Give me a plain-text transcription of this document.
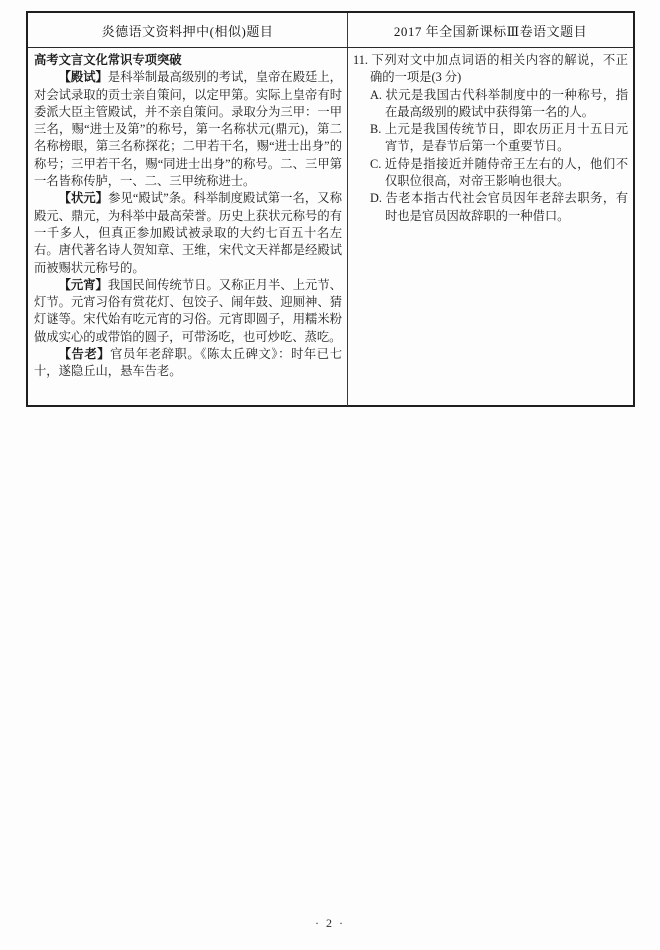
炎德语文资料押中(相似)题目	2017 年全国新课标Ⅲ卷语文题目

高考文言文化常识专项突破

【殿试】是科举制最高级别的考试，皇帝在殿廷上，对会试录取的贡士亲自策问，以定甲第。实际上皇帝有时委派大臣主管殿试，并不亲自策问。录取分为三甲：一甲三名，赐“进士及第”的称号，第一名称状元(鼎元)，第二名称榜眼，第三名称探花；二甲若干名，赐“进士出身”的称号；三甲若干名，赐“同进士出身”的称号。二、三甲第一名皆称传胪，一、二、三甲统称进士。

【状元】参见“殿试”条。科举制度殿试第一名，又称殿元、鼎元，为科举中最高荣誉。历史上获状元称号的有一千多人，但真正参加殿试被录取的大约七百五十名左右。唐代著名诗人贺知章、王维，宋代文天祥都是经殿试而被赐状元称号的。

【元宵】我国民间传统节日。又称正月半、上元节、灯节。元宵习俗有赏花灯、包饺子、闹年鼓、迎厕神、猜灯谜等。宋代始有吃元宵的习俗。元宵即圆子，用糯米粉做成实心的或带馅的圆子，可带汤吃，也可炒吃、蒸吃。

【告老】官员年老辞职。《陈太丘碑文》：时年已七十，遂隐丘山，悬车告老。

11. 下列对文中加点词语的相关内容的解说，不正确的一项是(3 分)

A. 状元是我国古代科举制度中的一种称号，指在最高级别的殿试中获得第一名的人。

B. 上元是我国传统节日，即农历正月十五日元宵节，是春节后第一个重要节日。

C. 近侍是指接近并随侍帝王左右的人，他们不仅职位很高，对帝王影响也很大。

D. 告老本指古代社会官员因年老辞去职务，有时也是官员因故辞职的一种借口。

· 2 ·
